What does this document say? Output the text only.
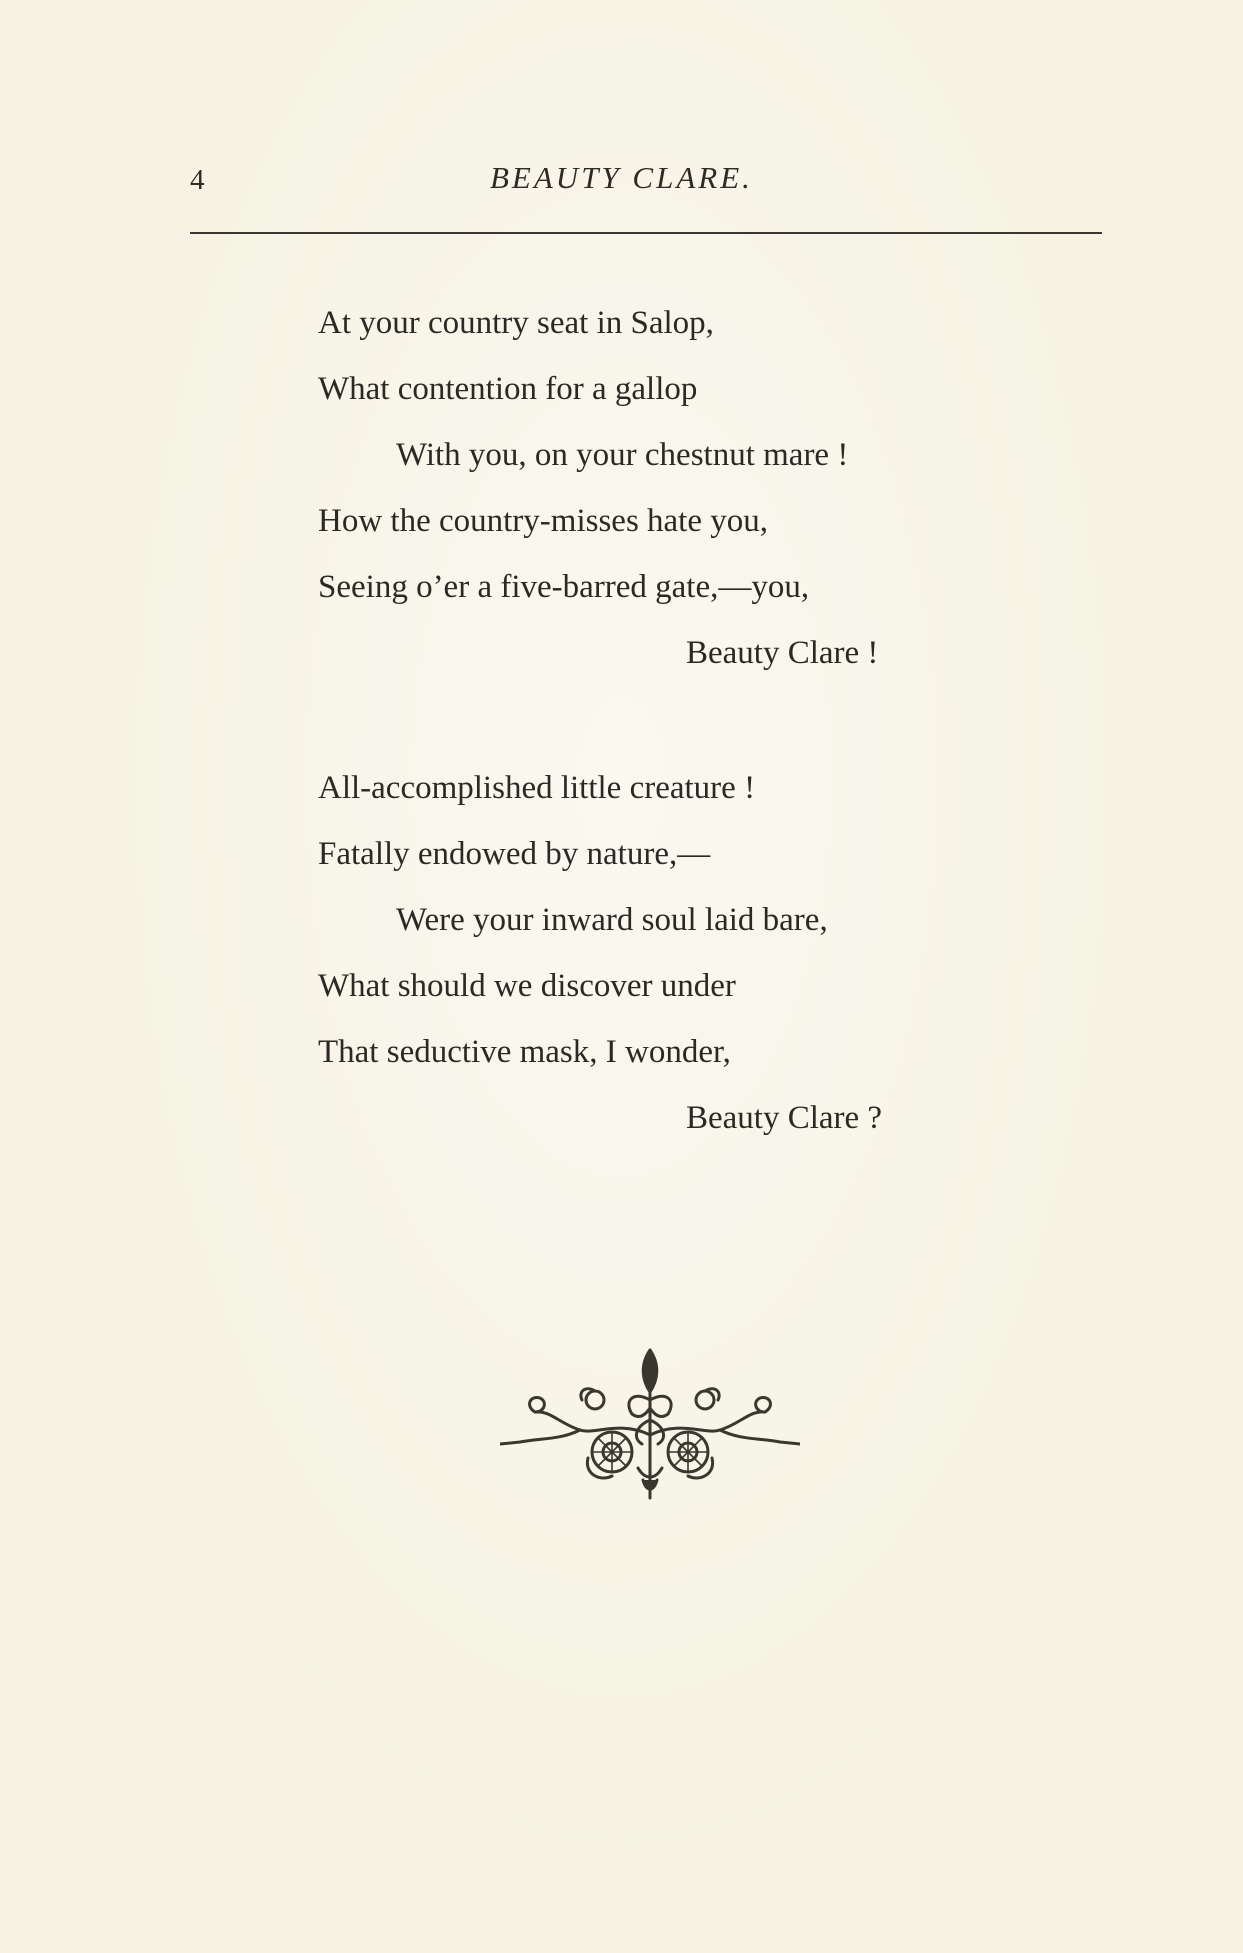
4	BEAUTY CLARE.
At your country seat in Salop,
What contention for a gallop
With you, on your chestnut mare !
How the country-misses hate you,
Seeing o’er a five-barred gate,—you,
Beauty Clare !
All-accomplished little creature !
Fatally endowed by nature,—
Were your inward soul laid bare,
What should we discover under
That seductive mask, I wonder,
Beauty Clare ?
